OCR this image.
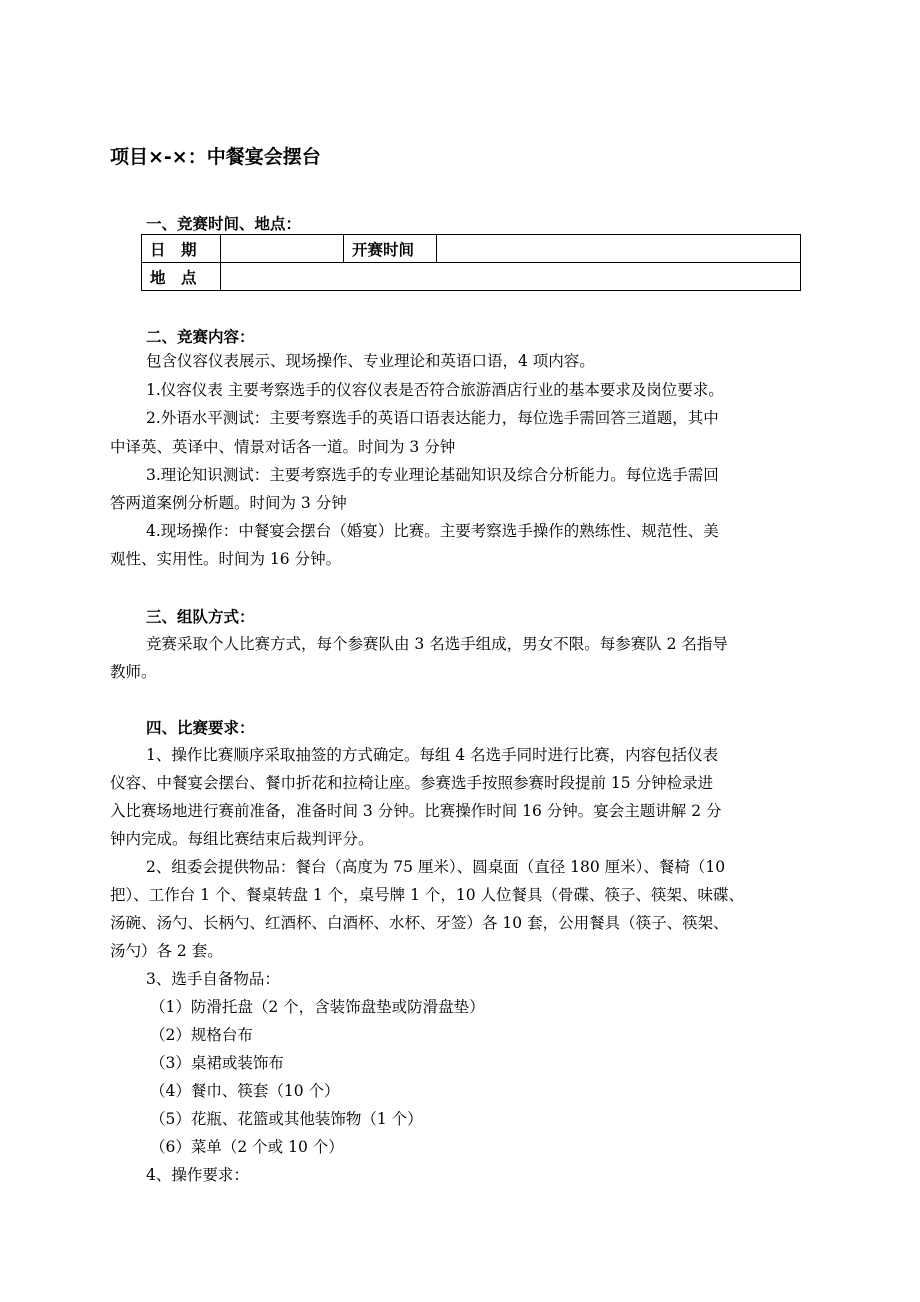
项目×-×：中餐宴会摆台
一、竞赛时间、地点：
日　期		开赛时间	
地　点			
二、竞赛内容：
包含仪容仪表展示、现场操作、专业理论和英语口语，4 项内容。
1.仪容仪表 主要考察选手的仪容仪表是否符合旅游酒店行业的基本要求及岗位要求。
2.外语水平测试：主要考察选手的英语口语表达能力，每位选手需回答三道题，其中
中译英、英译中、情景对话各一道。时间为 3 分钟
3.理论知识测试：主要考察选手的专业理论基础知识及综合分析能力。每位选手需回
答两道案例分析题。时间为 3 分钟
4.现场操作：中餐宴会摆台（婚宴）比赛。主要考察选手操作的熟练性、规范性、美
观性、实用性。时间为 16 分钟。
三、组队方式：
竞赛采取个人比赛方式，每个参赛队由 3 名选手组成，男女不限。每参赛队 2 名指导
教师。
四、比赛要求：
1、操作比赛顺序采取抽签的方式确定。每组 4 名选手同时进行比赛，内容包括仪表
仪容、中餐宴会摆台、餐巾折花和拉椅让座。参赛选手按照参赛时段提前 15 分钟检录进
入比赛场地进行赛前准备，准备时间 3 分钟。比赛操作时间 16 分钟。宴会主题讲解 2 分
钟内完成。每组比赛结束后裁判评分。
2、组委会提供物品：餐台（高度为 75 厘米）、圆桌面（直径 180 厘米）、餐椅（10
把）、工作台 1 个、餐桌转盘 1 个，桌号牌 1 个，10 人位餐具（骨碟、筷子、筷架、味碟、
汤碗、汤勺、长柄勺、红酒杯、白酒杯、水杯、牙签）各 10 套，公用餐具（筷子、筷架、
汤勺）各 2 套。
3、选手自备物品：
（1）防滑托盘（2 个，含装饰盘垫或防滑盘垫）
（2）规格台布
（3）桌裙或装饰布
（4）餐巾、筷套（10 个）
（5）花瓶、花篮或其他装饰物（1 个）
（6）菜单（2 个或 10 个）
4、操作要求：
